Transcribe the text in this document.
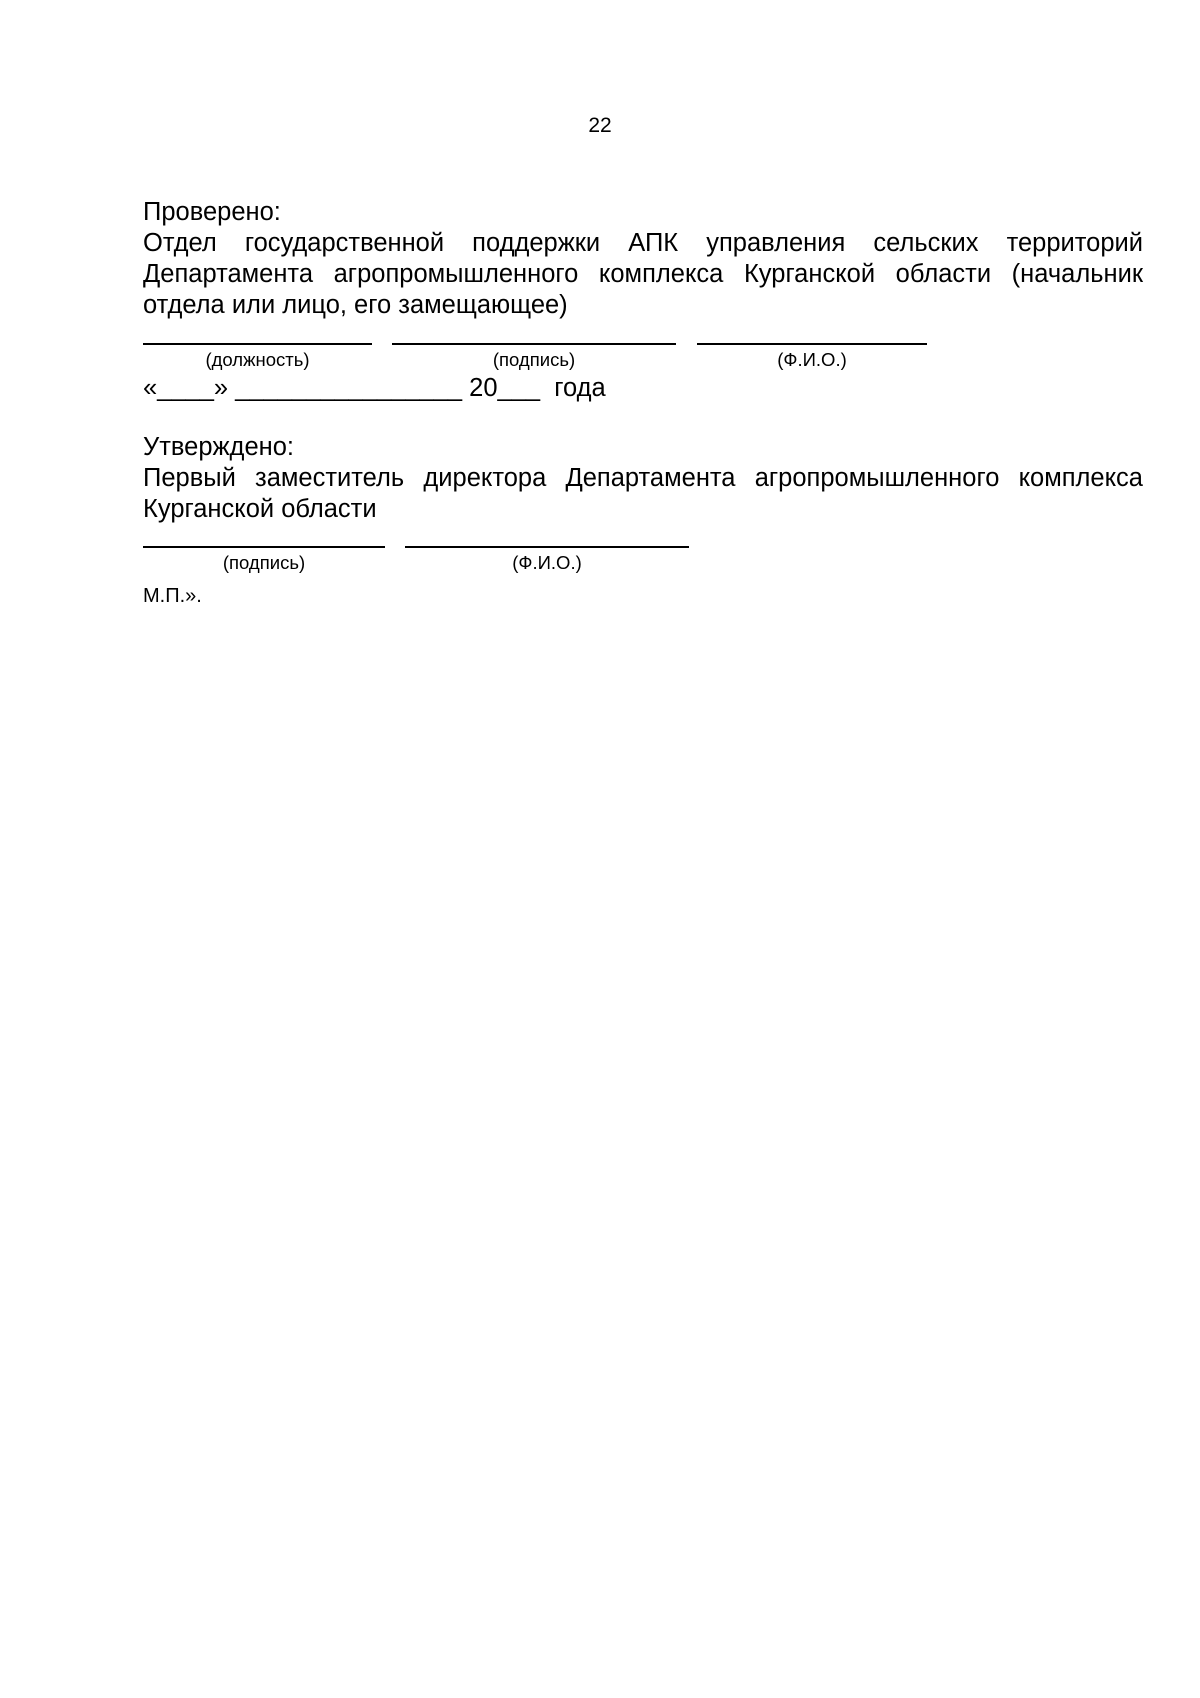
22

Проверено:

Отдел государственной поддержки АПК управления сельских территорий Департамента агропромышленного комплекса Курганской области (начальник отдела или лицо, его замещающее)

(должность)	(подпись)	(Ф.И.О.)
«____» ________________ 20___  года

Утверждено:

Первый заместитель директора Департамента агропромышленного комплекса Курганской области

(подпись)	(Ф.И.О.)
М.П.».
